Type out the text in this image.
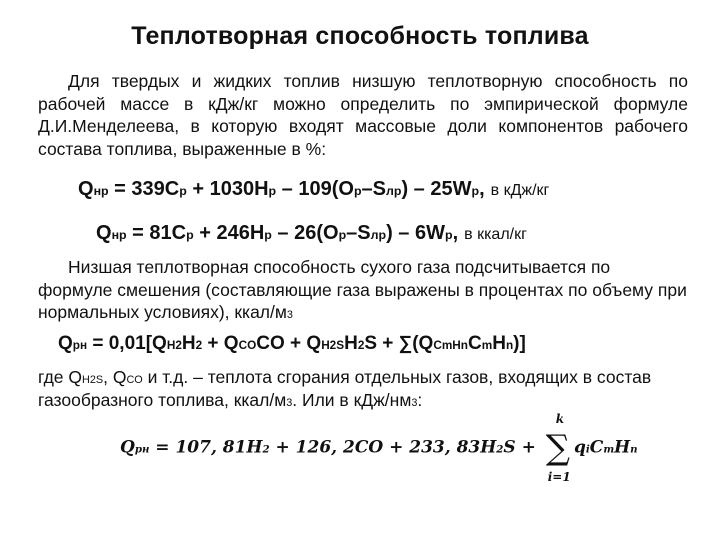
Теплотворная способность топлива
Для твердых и жидких топлив низшую теплотворную способность по рабочей массе в кДж/кг можно определить по эмпирической формуле Д.И.Менделеева, в которую входят массовые доли компонентов рабочего состава топлива, выраженные в %:
$Q_н^р = 339C^р + 1030H^р - 109(O^р-S_л^р) - 25W^р$, в кДж/кг
$Q_н^р = 81C^р + 246H^р - 26(O^р-S_л^р) - 6W^р$, в ккал/кг
Низшая теплотворная способность сухого газа подсчитывается по формуле смешения (составляющие газа выражены в процентах по объему при нормальных условиях), ккал/$м^3$
$Q^р_н = 0,01[Q_{H2}H_2 + Q_{CO}CO + Q_{H2S}H_2S + \sum(Q_{CmHn}C_mH_n)]$
где $Q_{H2S}$, $Q_{CO}$ и т.д. – теплота сгорания отдельных газов, входящих в состав газообразного топлива, ккал/$м^3$. Или в кДж/$нм^3$:
$Q^р_н = 107$, $81H_2 + 126$, 2CO + 233, $83H_2S$ + ∑
k
i=1
$q_iC_mH_n$
